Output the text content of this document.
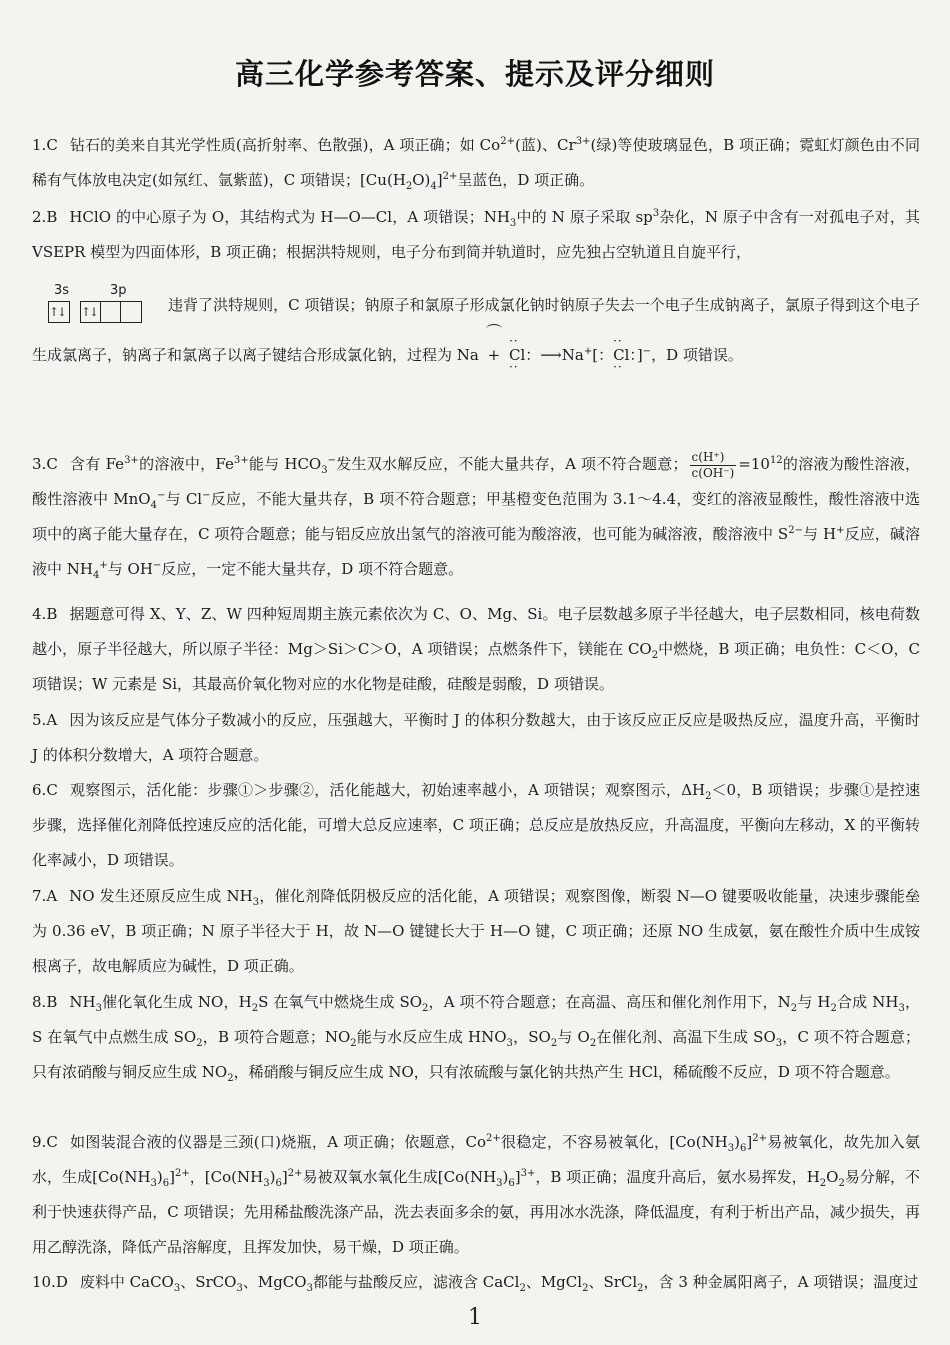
高三化学参考答案、提示及评分细则

1.C 钻石的美来自其光学性质(高折射率、色散强)，A 项正确；如 $Co^{2+}$(蓝)、$Cr^{3+}$(绿)等使玻璃显色，B 项正确；霓虹灯颜色由不同稀有气体放电决定(如氖红、氩紫蓝)，C 项错误；$[Cu(H_2O)_4]^{2+}$呈蓝色，D 项正确。

2.B HClO 的中心原子为 O，其结构式为 H—O—Cl，A 项错误；$NH_3$中的 N 原子采取 $sp^3$杂化，N 原子中含有一对孤电子对，其 VSEPR 模型为四面体形，B 项正确；根据洪特规则，电子分布到简并轨道时，应先独占空轨道且自旋平行，

3s	3p
↑↓	↑↓	违背了洪特规则，C 项错误；钠原子和氯原子形成氯化钠时钠原子失去一个电子生成钠离子，氯原子得到这个电子生成氯离子，钠离子和氯离子以离子键结合形成氯化钠，过程为 Na + ·· Cl ··：⟶Na+[：·· Cl ··：]−，D 项错误。

3.C 含有 $Fe^{3+}$的溶液中，$Fe^{3+}$能与 $HCO_3^-$发生双水解反应，不能大量共存，A 项不符合题意； $\frac{c(H^+)}{c(OH^-)} =10^{12}$的溶液为酸性溶液，酸性溶液中 MnO$_4$−与 Cl−反应，不能大量共存，B 项不符合题意；甲基橙变色范围为 3.1～4.4，变红的溶液显酸性，酸性溶液中选项中的离子能大量存在，C 项符合题意；能与铝反应放出氢气的溶液可能为酸溶液，也可能为碱溶液，酸溶液中 $S^{2-}$与 H+反应，碱溶液中 $NH_4^+$与 OH−反应，一定不能大量共存，D 项不符合题意。

4.B 据题意可得 X、Y、Z、W 四种短周期主族元素依次为 C、O、Mg、Si。电子层数越多原子半径越大，电子层数相同，核电荷数越小，原子半径越大，所以原子半径：Mg＞Si＞C＞O，A 项错误；点燃条件下，镁能在 $CO_2$中燃烧，B 项正确；电负性：C＜O，C 项错误；W 元素是 Si，其最高价氧化物对应的水化物是硅酸，硅酸是弱酸，D 项错误。

5.A 因为该反应是气体分子数减小的反应，压强越大，平衡时 J 的体积分数越大，由于该反应正反应是吸热反应，温度升高，平衡时 J 的体积分数增大，A 项符合题意。

6.C 观察图示，活化能：步骤①＞步骤②，活化能越大，初始速率越小，A 项错误；观察图示，$\Delta H_2<0$，B 项错误；步骤①是控速步骤，选择催化剂降低控速反应的活化能，可增大总反应速率，C 项正确；总反应是放热反应，升高温度，平衡向左移动，X 的平衡转化率减小，D 项错误。

7.A NO 发生还原反应生成 $NH_3$，催化剂降低阴极反应的活化能，A 项错误；观察图像，断裂 N—O 键要吸收能量，决速步骤能垒为 0.36 eV，B 项正确；N 原子半径大于 H，故 N—O 键键长大于 H—O 键，C 项正确；还原 NO 生成氨，氨在酸性介质中生成铵根离子，故电解质应为碱性，D 项正确。

8.B $NH_3$催化氧化生成 NO，$H_2S$ 在氧气中燃烧生成 $SO_2$，A 项不符合题意；在高温、高压和催化剂作用下，$N_2$与 $H_2$合成 $NH_3$，S 在氧气中点燃生成 $SO_2$，B 项符合题意；$NO_2$能与水反应生成 $HNO_3$，$SO_2$与 $O_2$在催化剂、高温下生成 $SO_3$，C 项不符合题意；只有浓硝酸与铜反应生成 $NO_2$，稀硝酸与铜反应生成 NO，只有浓硫酸与氯化钠共热产生 HCl，稀硫酸不反应，D 项不符合题意。

9.C 如图装混合液的仪器是三颈(口)烧瓶，A 项正确；依题意，$Co^{2+}$很稳定，不容易被氧化，$[Co(NH_3)_6]^{2+}$易被氧化，故先加入氨水，生成$[Co(NH_3)_6]^{2+}$，$[Co(NH_3)_6]^{2+}$易被双氧水氧化生成$[Co(NH_3)_6]^{3+}$，B 项正确；温度升高后，氨水易挥发，$H_2O_2$易分解，不利于快速获得产品，C 项错误；先用稀盐酸洗涤产品，洗去表面多余的氨，再用冰水洗涤，降低温度，有利于析出产品，减少损失，再用乙醇洗涤，降低产品溶解度，且挥发加快，易干燥，D 项正确。

10.D 废料中 CaCO$_3$、SrCO$_3$、MgCO$_3$都能与盐酸反应，滤液含 CaCl$_2$、MgCl$_2$、SrCl$_2$，含 3 种金属阳离子，A 项错误；温度过

1
